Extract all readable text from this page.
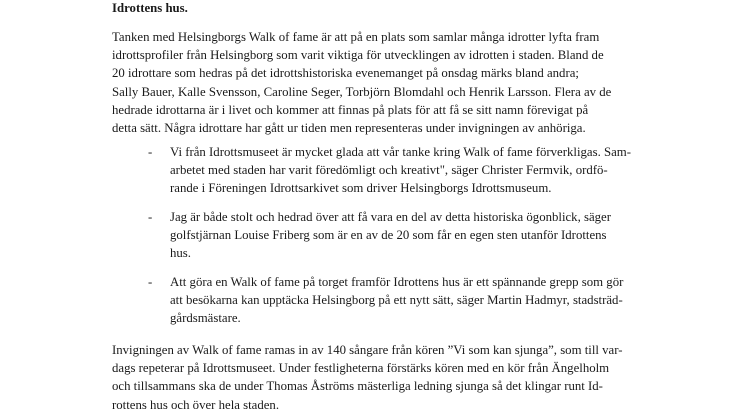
Idrottens hus.
Tanken med Helsingborgs Walk of fame är att på en plats som samlar många idrotter lyfta fram
idrottsprofiler från Helsingborg som varit viktiga för utvecklingen av idrotten i staden. Bland de
20 idrottare som hedras på det idrottshistoriska evenemanget på onsdag märks bland andra;
Sally Bauer, Kalle Svensson, Caroline Seger, Torbjörn Blomdahl och Henrik Larsson. Flera av de
hedrade idrottarna är i livet och kommer att finnas på plats för att få se sitt namn förevigat på
detta sätt. Några idrottare har gått ur tiden men representeras under invigningen av anhöriga.
- Vi från Idrottsmuseet är mycket glada att vår tanke kring Walk of fame förverkligas. Sam-
arbetet med staden har varit föredömligt och kreativt", säger Christer Fermvik, ordfö-
rande i Föreningen Idrottsarkivet som driver Helsingborgs Idrottsmuseum.
- Jag är både stolt och hedrad över att få vara en del av detta historiska ögonblick, säger
golfstjärnan Louise Friberg som är en av de 20 som får en egen sten utanför Idrottens
hus.
- Att göra en Walk of fame på torget framför Idrottens hus är ett spännande grepp som gör
att besökarna kan upptäcka Helsingborg på ett nytt sätt, säger Martin Hadmyr, stadsträd-
gårdsmästare.
Invigningen av Walk of fame ramas in av 140 sångare från kören ”Vi som kan sjunga”, som till var-
dags repeterar på Idrottsmuseet. Under festligheterna förstärks kören med en kör från Ängelholm
och tillsammans ska de under Thomas Åströms mästerliga ledning sjunga så det klingar runt Id-
rottens hus och över hela staden.
